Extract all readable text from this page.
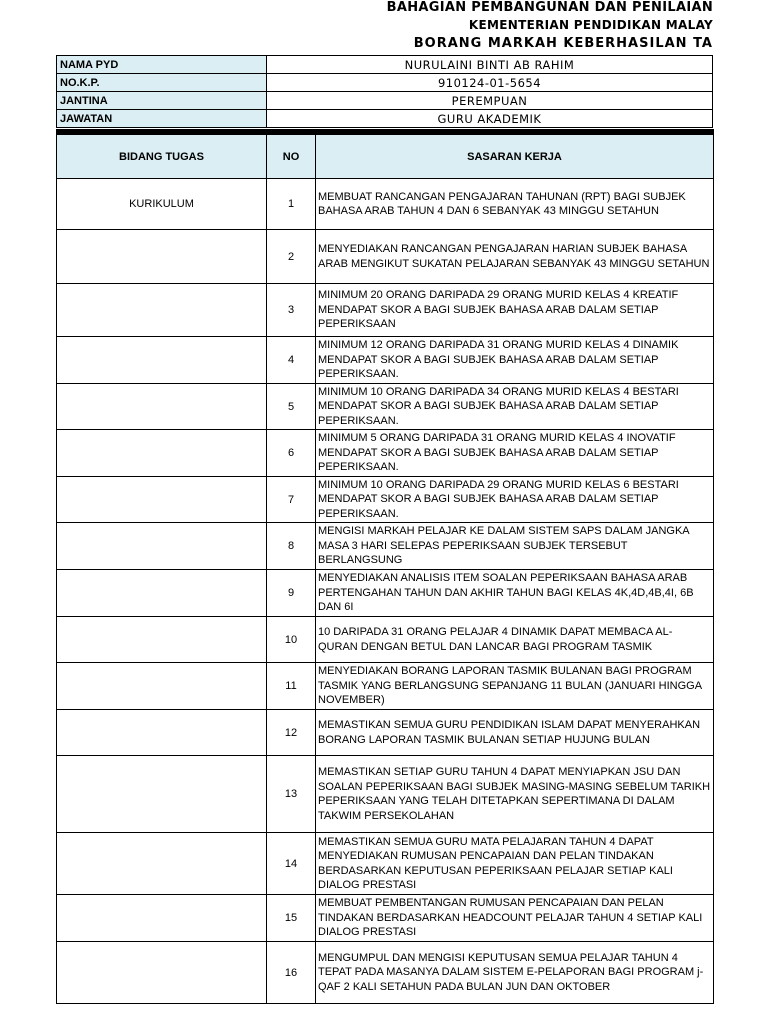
BAHAGIAN PEMBANGUNAN DAN PENILAIAN
KEMENTERIAN PENDIDIKAN MALAY
BORANG MARKAH KEBERHASILAN TA
NAMA PYD	NURULAINI BINTI AB RAHIM
NO.K.P.	910124-01-5654
JANTINA	PEREMPUAN
JAWATAN	GURU AKADEMIK
BIDANG TUGAS	NO	SASARAN KERJA
KURIKULUM	1	MEMBUAT RANCANGAN PENGAJARAN TAHUNAN (RPT) BAGI SUBJEK BAHASA ARAB TAHUN 4 DAN 6 SEBANYAK 43 MINGGU SETAHUN
	2	MENYEDIAKAN RANCANGAN PENGAJARAN HARIAN SUBJEK BAHASA ARAB MENGIKUT SUKATAN PELAJARAN SEBANYAK 43 MINGGU SETAHUN
	3	MINIMUM 20 ORANG DARIPADA 29 ORANG MURID KELAS 4 KREATIF MENDAPAT SKOR A BAGI SUBJEK BAHASA ARAB DALAM SETIAP PEPERIKSAAN
	4	MINIMUM 12 ORANG DARIPADA 31 ORANG MURID KELAS 4 DINAMIK MENDAPAT SKOR A BAGI SUBJEK BAHASA ARAB DALAM SETIAP PEPERIKSAAN.
	5	MINIMUM 10 ORANG DARIPADA 34 ORANG MURID KELAS 4 BESTARI MENDAPAT SKOR A BAGI SUBJEK BAHASA ARAB DALAM SETIAP PEPERIKSAAN.
	6	MINIMUM 5 ORANG DARIPADA 31 ORANG MURID KELAS 4 INOVATIF MENDAPAT SKOR A BAGI SUBJEK BAHASA ARAB DALAM SETIAP PEPERIKSAAN.
	7	MINIMUM 10 ORANG DARIPADA 29 ORANG MURID KELAS 6 BESTARI MENDAPAT SKOR A BAGI SUBJEK BAHASA ARAB DALAM SETIAP PEPERIKSAAN.
	8	MENGISI MARKAH PELAJAR KE DALAM SISTEM SAPS DALAM JANGKA MASA 3 HARI SELEPAS PEPERIKSAAN SUBJEK TERSEBUT BERLANGSUNG
	9	MENYEDIAKAN ANALISIS ITEM SOALAN PEPERIKSAAN BAHASA ARAB PERTENGAHAN TAHUN DAN AKHIR TAHUN BAGI KELAS 4K,4D,4B,4I, 6B DAN 6I
	10	10 DARIPADA 31 ORANG PELAJAR 4 DINAMIK DAPAT MEMBACA AL-QURAN DENGAN BETUL DAN LANCAR BAGI PROGRAM TASMIK
	11	MENYEDIAKAN BORANG LAPORAN TASMIK BULANAN BAGI PROGRAM TASMIK YANG BERLANGSUNG SEPANJANG 11 BULAN (JANUARI HINGGA NOVEMBER)
	12	MEMASTIKAN SEMUA GURU PENDIDIKAN ISLAM DAPAT MENYERAHKAN BORANG LAPORAN TASMIK BULANAN SETIAP HUJUNG BULAN
	13	MEMASTIKAN SETIAP GURU TAHUN 4 DAPAT MENYIAPKAN JSU DAN SOALAN PEPERIKSAAN BAGI SUBJEK MASING-MASING SEBELUM TARIKH PEPERIKSAAN YANG TELAH DITETAPKAN SEPERTIMANA DI DALAM TAKWIM PERSEKOLAHAN
	14	MEMASTIKAN SEMUA GURU MATA PELAJARAN TAHUN 4 DAPAT MENYEDIAKAN RUMUSAN PENCAPAIAN DAN PELAN TINDAKAN BERDASARKAN KEPUTUSAN PEPERIKSAAN PELAJAR SETIAP KALI DIALOG PRESTASI
	15	MEMBUAT PEMBENTANGAN RUMUSAN PENCAPAIAN DAN PELAN TINDAKAN BERDASARKAN HEADCOUNT PELAJAR TAHUN 4 SETIAP KALI DIALOG PRESTASI
	16	MENGUMPUL DAN MENGISI KEPUTUSAN SEMUA PELAJAR TAHUN 4 TEPAT PADA MASANYA DALAM SISTEM E-PELAPORAN BAGI PROGRAM j-QAF 2 KALI SETAHUN PADA BULAN JUN DAN OKTOBER
